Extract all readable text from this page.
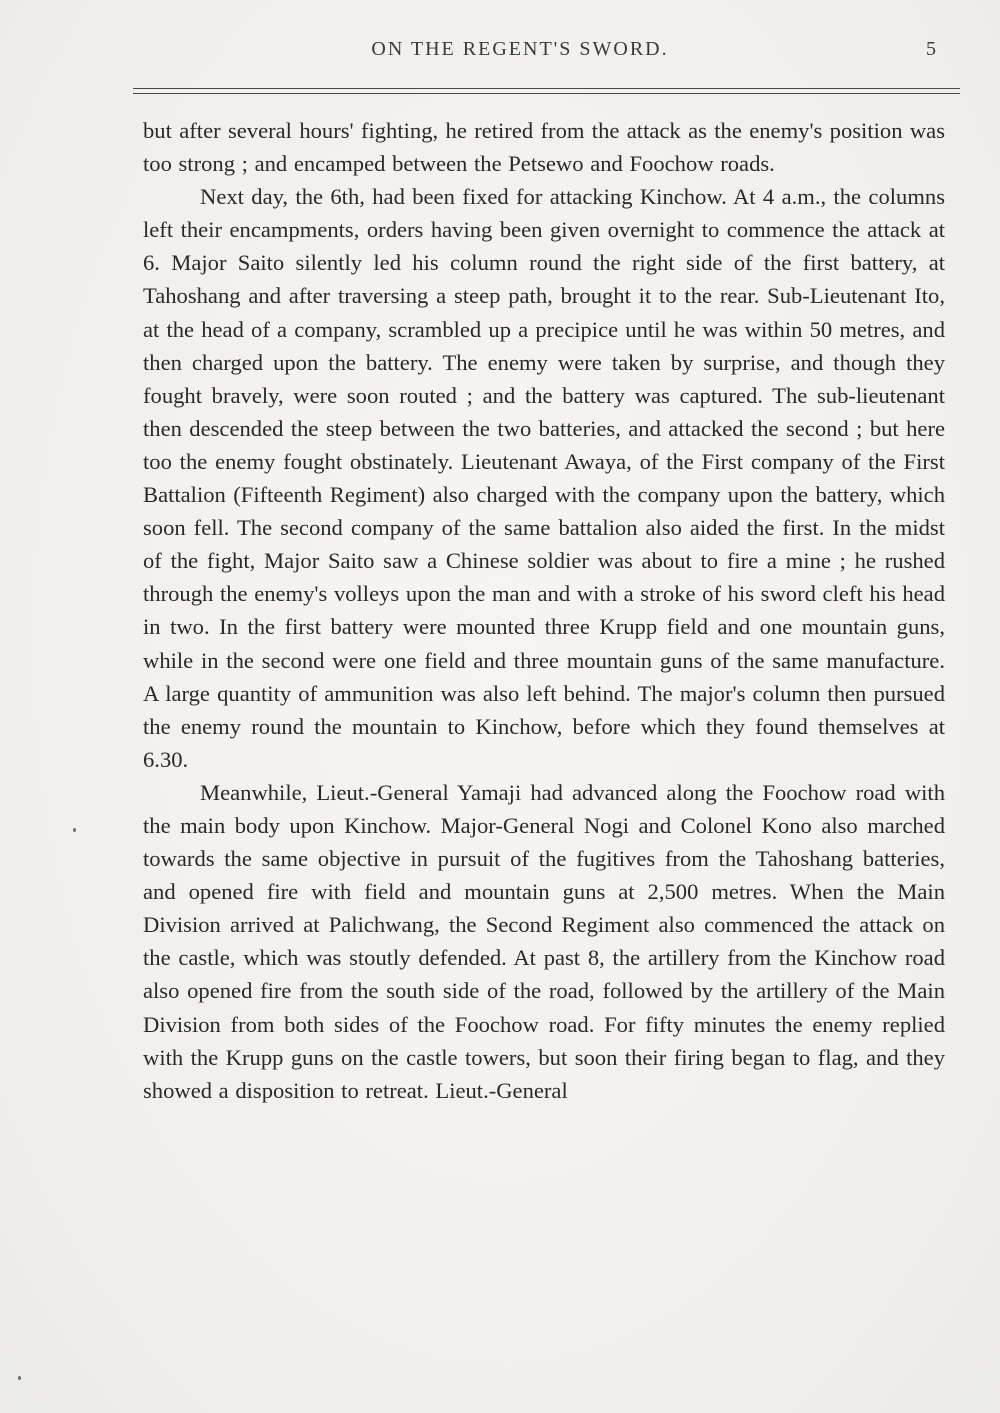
ON THE REGENT'S SWORD.	5

but after several hours' fighting, he retired from the attack as the enemy's position was too strong ; and encamped between the Petsewo and Foochow roads.

Next day, the 6th, had been fixed for attacking Kinchow. At 4 a.m., the columns left their encampments, orders having been given overnight to commence the attack at 6. Major Saito silently led his column round the right side of the first battery, at Tahoshang and after traversing a steep path, brought it to the rear. Sub-Lieutenant Ito, at the head of a company, scrambled up a precipice until he was within 50 metres, and then charged upon the battery. The enemy were taken by surprise, and though they fought bravely, were soon routed ; and the battery was captured. The sub-lieutenant then descended the steep between the two batteries, and attacked the second ; but here too the enemy fought obstinately. Lieutenant Awaya, of the First company of the First Battalion (Fifteenth Regiment) also charged with the company upon the battery, which soon fell. The second company of the same battalion also aided the first. In the midst of the fight, Major Saito saw a Chinese soldier was about to fire a mine ; he rushed through the enemy's volleys upon the man and with a stroke of his sword cleft his head in two. In the first battery were mounted three Krupp field and one mountain guns, while in the second were one field and three mountain guns of the same manufacture. A large quantity of ammunition was also left behind. The major's column then pursued the enemy round the mountain to Kinchow, before which they found themselves at 6.30.

Meanwhile, Lieut.-General Yamaji had advanced along the Foochow road with the main body upon Kinchow. Major-General Nogi and Colonel Kono also marched towards the same objective in pursuit of the fugitives from the Tahoshang batteries, and opened fire with field and mountain guns at 2,500 metres. When the Main Division arrived at Palichwang, the Second Regiment also commenced the attack on the castle, which was stoutly defended. At past 8, the artillery from the Kinchow road also opened fire from the south side of the road, followed by the artillery of the Main Division from both sides of the Foochow road. For fifty minutes the enemy replied with the Krupp guns on the castle towers, but soon their firing began to flag, and they showed a disposition to retreat. Lieut.-General
